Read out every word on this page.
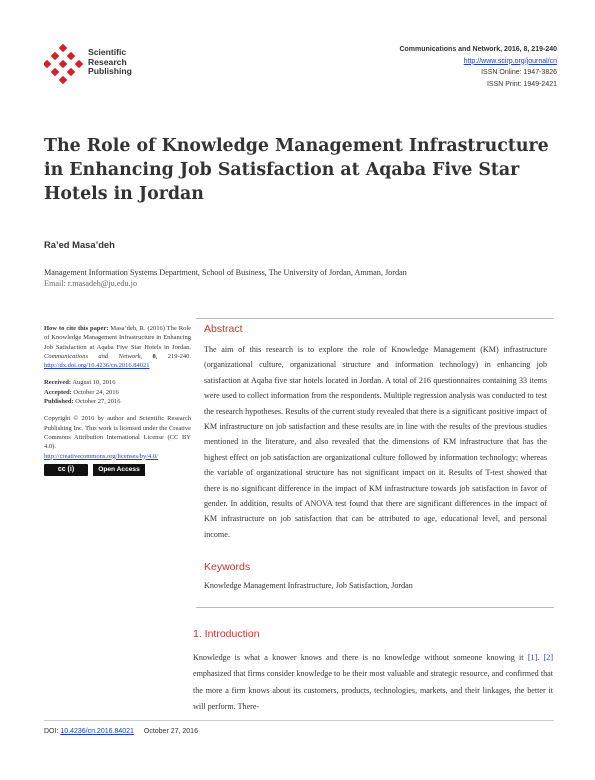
Scientific
Research
Publishing
Communications and Network, 2016, 8, 219-240
http://www.scirp.org/journal/cn
ISSN Online: 1947-3826
ISSN Print: 1949-2421
The Role of Knowledge Management Infrastructure in Enhancing Job Satisfaction at Aqaba Five Star Hotels in Jordan
Ra’ed Masa’deh
Management Information Systems Department, School of Business, The University of Jordan, Amman, Jordan
Email: r.masadeh@ju.edu.jo
How to cite this paper: Masa’deh, R. (2016) The Role of Knowledge Management Infrastructure in Enhancing Job Satisfaction at Aqaba Five Star Hotels in Jordan. Communications and Network, 8, 219-240. http://dx.doi.org/10.4236/cn.2016.84021
Received: August 10, 2016
Accepted: October 24, 2016
Published: October 27, 2016
Copyright © 2016 by author and Scientific Research Publishing Inc. This work is licensed under the Creative Commons Attribution International License (CC BY 4.0).
http://creativecommons.org/licenses/by/4.0/
cc (i)	Open Access
Abstract
The aim of this research is to explore the role of Knowledge Management (KM) infrastructure (organizational culture, organizational structure and information technology) in enhancing job satisfaction at Aqaba five star hotels located in Jordan. A total of 216 questionnaires containing 33 items were used to collect information from the respondents. Multiple regression analysis was conducted to test the research hypotheses. Results of the current study revealed that there is a significant positive impact of KM infrastructure on job satisfaction and these results are in line with the results of the previous studies mentioned in the literature, and also revealed that the dimensions of KM infrastructure that has the highest effect on job satisfaction are organizational culture followed by information technology; whereas the variable of organizational structure has not significant impact on it. Results of T-test showed that there is no significant difference in the impact of KM infrastructure towards job satisfaction in favor of gender. In addition, results of ANOVA test found that there are significant differences in the impact of KM infrastructure on job satisfaction that can be attributed to age, educational level, and personal income.
Keywords
Knowledge Management Infrastructure, Job Satisfaction, Jordan
1. Introduction
Knowledge is what a knower knows and there is no knowledge without someone knowing it [1]. [2] emphasized that firms consider knowledge to be their most valuable and strategic resource, and confirmed that the more a firm knows about its customers, products, technologies, markets, and their linkages, the better it will perform. There-
DOI: 10.4236/cn.2016.84021 October 27, 2016
